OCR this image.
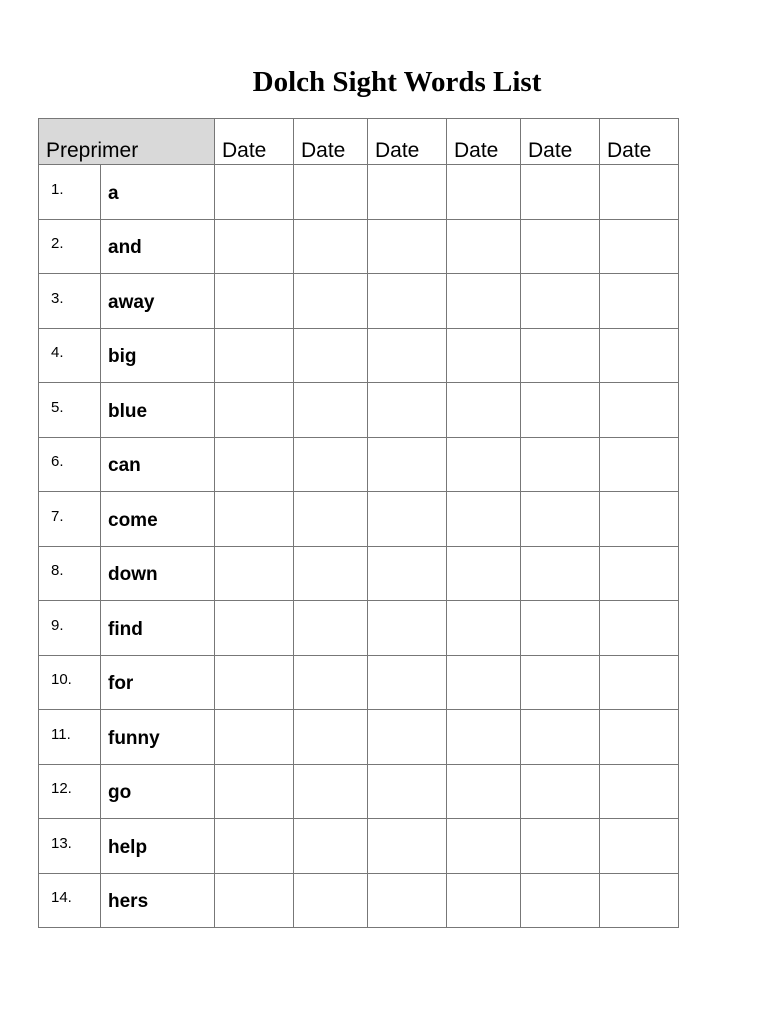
Dolch Sight Words List
Preprimer		Date	Date	Date	Date	Date	Date
1.	a						
2.	and						
3.	away						
4.	big						
5.	blue						
6.	can						
7.	come						
8.	down						
9.	find						
10.	for						
11.	funny						
12.	go						
13.	help						
14.	hers						
